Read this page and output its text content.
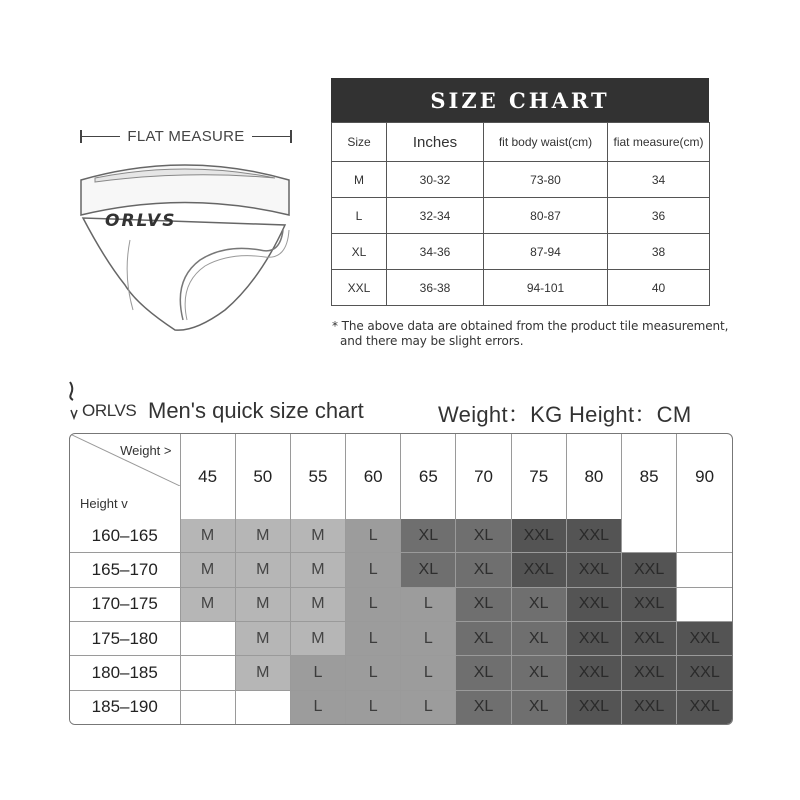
FLAT MEASURE
ORLVS
SIZE CHART
Size	Inches	fit body waist(cm)	fiat measure(cm)
M	30-32	73-80	34
L	32-34	80-87	36
XL	34-36	87-94	38
XXL	36-38	94-101	40
* The above data are obtained from the product tile measurement,
and there may be slight errors.
ORLVS Men's quick size chart	Weight：KG Height：CM
Weight >
Height v	45	50	55	60	65	70	75	80	85	90
160–165	M	M	M	L	XL	XL	XXL	XXL		
165–170	M	M	M	L	XL	XL	XXL	XXL	XXL	
170–175	M	M	M	L	L	XL	XL	XXL	XXL	
175–180		M	M	L	L	XL	XL	XXL	XXL	XXL
180–185		M	L	L	L	XL	XL	XXL	XXL	XXL
185–190			L	L	L	XL	XL	XXL	XXL	XXL
